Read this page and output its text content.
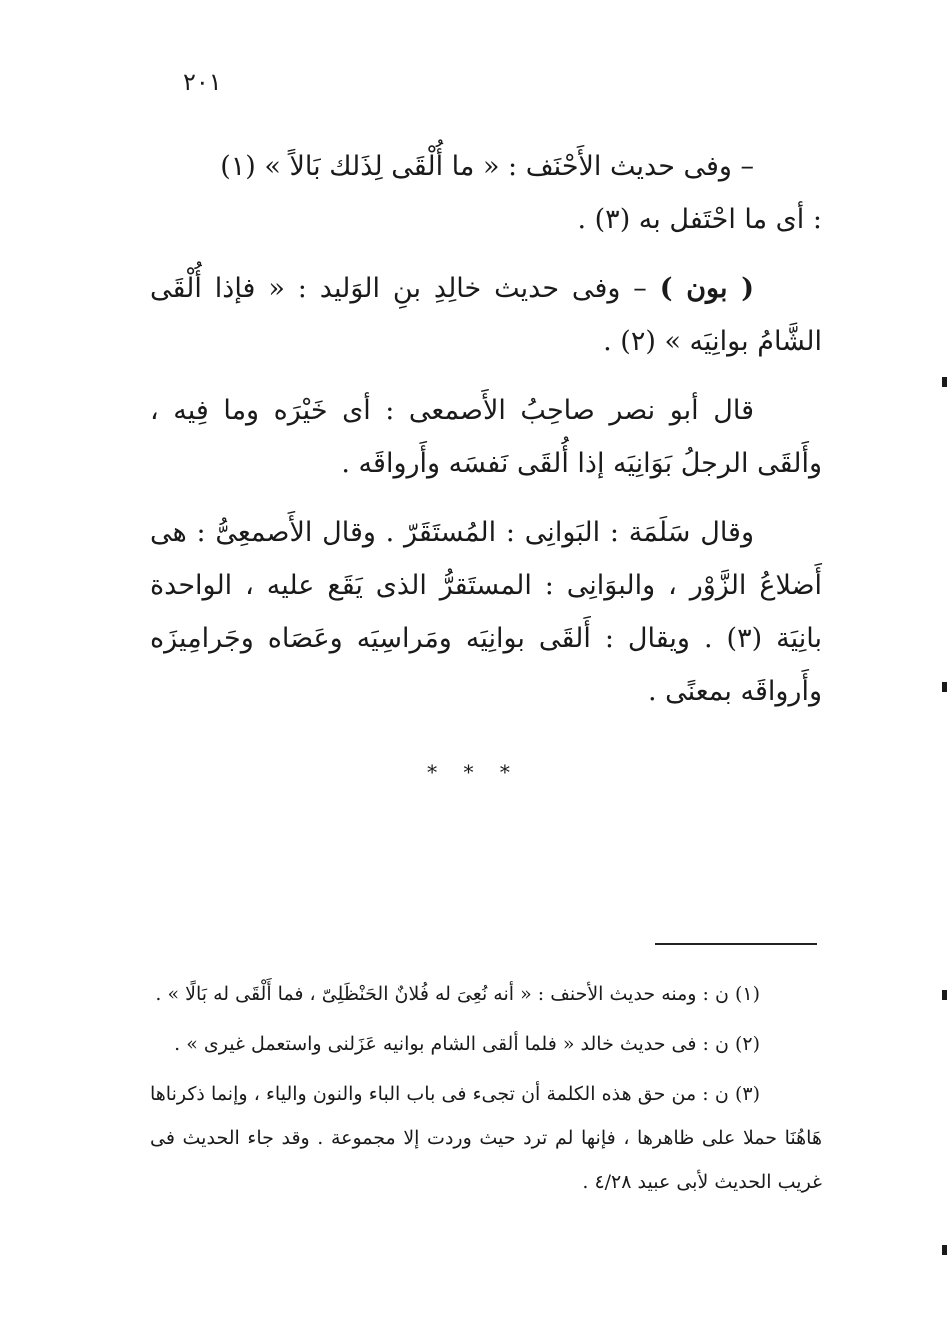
٢٠١
– وفى حديث الأَحْنَف : « ما أُلْقَى لِذَلك بَالاً » (١)
: أى ما احْتَفل به (٣) .
( بون ) – وفى حديث خالِدِ بنِ الوَليد : « فإذا أُلْقَى الشَّامُ بوانِيَه » (٢) .
قال أبو نصر صاحِبُ الأَصمعى : أى خَيْرَه وما فِيه ، وأَلقَى الرجلُ بَوَانِيَه إذا أُلقَى نَفسَه وأَرواقَه .
وقال سَلَمَة : البَوانِى : المُستَقَرّ . وقال الأَصمعِىُّ : هى أَضلاعُ الزَّوْر ، والبوَانِى : المستَقرُّ الذى يَقَع عليه ، الواحدة بانِيَة (٣) . ويقال : أَلقَى بوانِيَه ومَراسِيَه وعَصَاه وجَرامِيزَه وأَرواقَه بمعنًى .
* * *
(١) ن : ومنه حديث الأحنف : « أنه نُعِىَ له فُلانٌ الحَنْظَلِىّ ، فما أَلْقَى له بَالًا » .
(٢) ن : فى حديث خالد « فلما ألقى الشام بوانيه عَزَلنى واستعمل غيرى » .
(٣) ن : من حق هذه الكلمة أن تجىء فى باب الباء والنون والياء ، وإنما ذكرناها هَاهُنَا حملا على ظاهرها ، فإنها لم ترد حيث وردت إلا مجموعة . وقد جاء الحديث فى غريب الحديث لأبى عبيد ٤/٢٨ .
